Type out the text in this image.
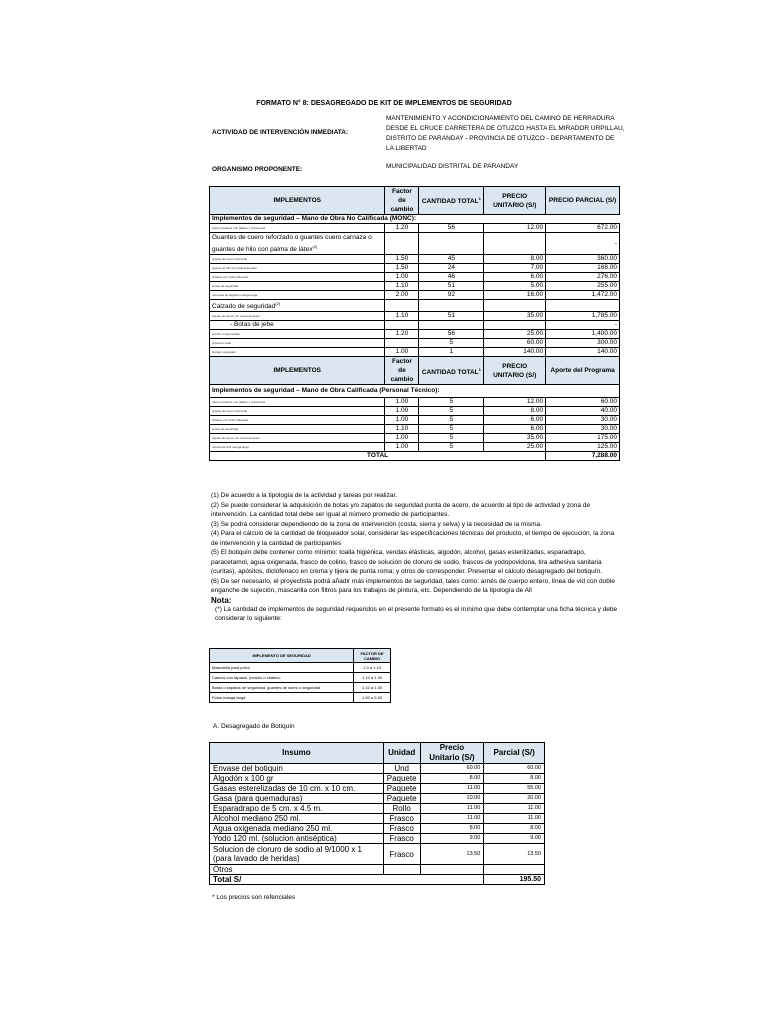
FORMATO N° 8: DESAGREGADO DE KIT DE IMPLEMENTOS DE SEGURIDAD
ACTIVIDAD DE INTERVENCIÓN INMEDIATA:
MANTENIMIENTO Y ACONDICIONAMIENTO DEL CAMINO DE HERRADURA
DESDE EL CRUCE CARRETERA DE OTUZCO HASTA EL MIRADOR URPILLAU,
DISTRITO DE PARANDAY - PROVINCIA DE OTUZCO - DEPARTAMENTO DE
LA LIBERTAD
ORGANISMO PROPONENTE:	MUNICIPALIDAD DISTRITAL DE PARANDAY
IMPLEMENTOS	Factor de cambio	CANTIDAD TOTAL$^1$	PRECIO UNITARIO (S/)	PRECIO PARCIAL (S/)
Implementos de seguridad – Mano de Obra No Calificada (MONC):				
casco protector con tafilete y cubrenuca	1.20	56	12.00	672.00
Guantes de cuero reforzado o guantes cuero carnaza o
guantes de hilo con palma de látex$^{(2)}$				-
guante de cuero reforzado	1.50	45	8.00	360.00
guante de hilo con palma de látex	1.50	24	7.00	168.00
chaleco con cinta reflectiva	1.00	46	6.00	276.00
lentes de seguridad	1.10	51	5.00	255.00
camiseta de algodón manga larga	2.00	92	16.00	1,472.00
Calzado de seguridad$^{(2)}$				
zapato de cuero con punta de acero	1.10	51	35.00	1,785.00
- Botas de jebe				-
poncho impermeable	1.20	56	25.00	1,400.00
protector solar		5	60.00	300.00
botiquín equipado	1.00	1	140.00	140.00
IMPLEMENTOS	Factor de cambio	CANTIDAD TOTAL$^1$	PRECIO UNITARIO (S/)	Aporte del Programa
Implementos de seguridad – Mano de Obra Calificada (Personal Técnico):				
casco protector con tafilete y cubrenuca	1.00	5	12.00	60.00
guante de cuero reforzado	1.00	5	8.00	40.00
chaleco con cinta reflectiva	1.00	5	6.00	30.00
lentes de seguridad	1.10	5	6.00	30.00
zapato de cuero con punta de acero	1.00	5	35.00	175.00
camisa de drill manga larga	1.00	5	25.00	125.00
TOTAL				7,288.00
(1) De acuerdo a la tipología de la actividad y tareas por realizar.
(2) Se puede considerar la adquisición de botas y/o zapatos de seguridad punta de acero, de acuerdo al tipo de actividad y zona de intervención. La cantidad total debe ser igual al número promedio de participantes.
(3) Se podrá considerar dependiendo de la zona de intervención (costa, sierra y selva) y la necesidad de la misma.
(4) Para el cálculo de la cantidad de bloqueador solar, considerar las especificaciones técnicas del producto, el tiempo de ejecución, la zona de intervención y la cantidad de participantes
(5) El botiquín debe contener como mínimo: toalla higiénica, vendas elásticas, algodón, alcohol, gasas esterilizadas, esparadrapo, paracetamol, agua oxigenada, frasco de colirio, frasco de solución de cloruro de sodio, frascos de yodopovidona, tira adhesiva sanitaria (curitas), apósitos, diclofenaco en crema y tijera de punta roma; y otros de corresponder. Presentar el cálculo desagregado del botiquín.
(6) De ser necesario, el proyectista podrá añadir más implementos de seguridad, tales como: arnés de cuerpo entero, línea de vid con doble enganche de sujeción, mascarilla con filtros para los trabajos de pintura, etc. Dependiendo de la tipología de All
Nota:
(*) La cantidad de implementos de seguridad requeridos en el presente formato es el mínimo que debe contemplar una ficha técnica y debe considerar lo siguiente:
IMPLEMENTO DE SEGURIDAD	FACTOR DE CAMBIO
Mascarilla para polvo	1.0 a 1.10
Cascos con tapasol, poncho o chaleco	1.10 a 1.30
Botas o zapatos de seguridad, guantes de cuero o seguridad	1.10 a 1.50
Polos manga larga	1.50 a 2.00
A. Desagregado de Botiquín
Insumo	Unidad	Precio Unitario (S/)	Parcial (S/)
Envase del botiquin	Und	60.00	60.00
Algodón x 100 gr	Paquete	8.00	8.00
Gasas esterelizadas de 10 cm. x 10 cm.	Paquete	11.00	55.00
Gasa (para quemaduras)	Paquete	10.00	20.00
Esparadrapo de 5 cm. x 4.5 m.	Rollo	11.00	11.00
Alcohol mediano 250 ml.	Frasco	11.00	11.00
Agua oxigenada mediano 250 ml.	Frasco	8.00	8.00
Yodo 120 ml. (solucion antiséptica)	Frasco	9.00	9.00
Solucion de cloruro de sodio al 9/1000 x 1
(para lavado de heridas)	Frasco	13.50	13.50
Otros			
Total S/			195.50
* Los precios son refenciales
